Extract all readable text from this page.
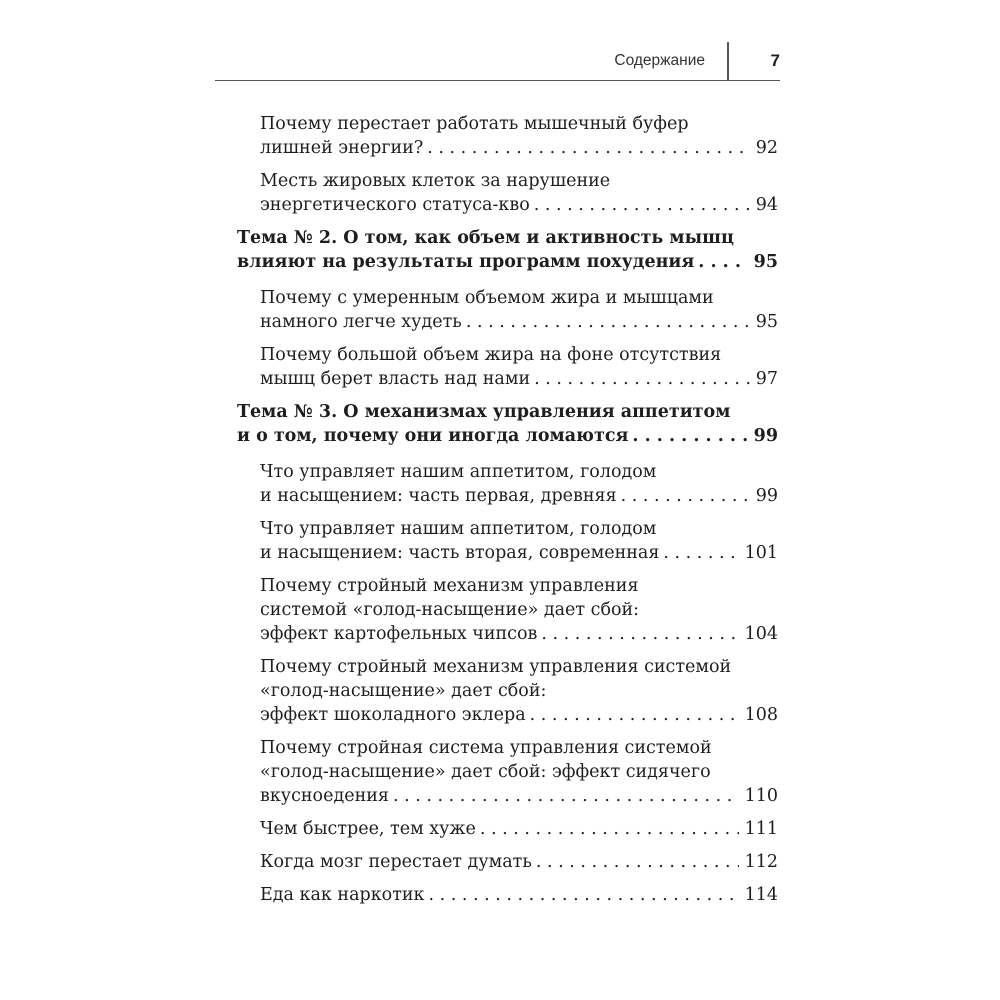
Содержание	7
Почему перестает работать мышечный буфер
лишней энергии? . . .	92
Месть жировых клеток за нарушение
энергетического статуса-кво . . .	94
Тема № 2. О том, как объем и активность мышц
влияют на результаты программ похудения . . .	95
Почему с умеренным объемом жира и мышцами
намного легче худеть . . .	95
Почему большой объем жира на фоне отсутствия
мышц берет власть над нами . . .	97
Тема № 3. О механизмах управления аппетитом
и о том, почему они иногда ломаются . . .	99
Что управляет нашим аппетитом, голодом
и насыщением: часть первая, древняя . . .	99
Что управляет нашим аппетитом, голодом
и насыщением: часть вторая, современная . . .	101
Почему стройный механизм управления
системой «голод-насыщение» дает сбой:
эффект картофельных чипсов . . .	104
Почему стройный механизм управления системой
«голод-насыщение» дает сбой:
эффект шоколадного эклера . . .	108
Почему стройная система управления системой
«голод-насыщение» дает сбой: эффект сидячего
вкусноедения . . .	110
Чем быстрее, тем хуже . . .	111
Когда мозг перестает думать . . .	112
Еда как наркотик . . .	114
